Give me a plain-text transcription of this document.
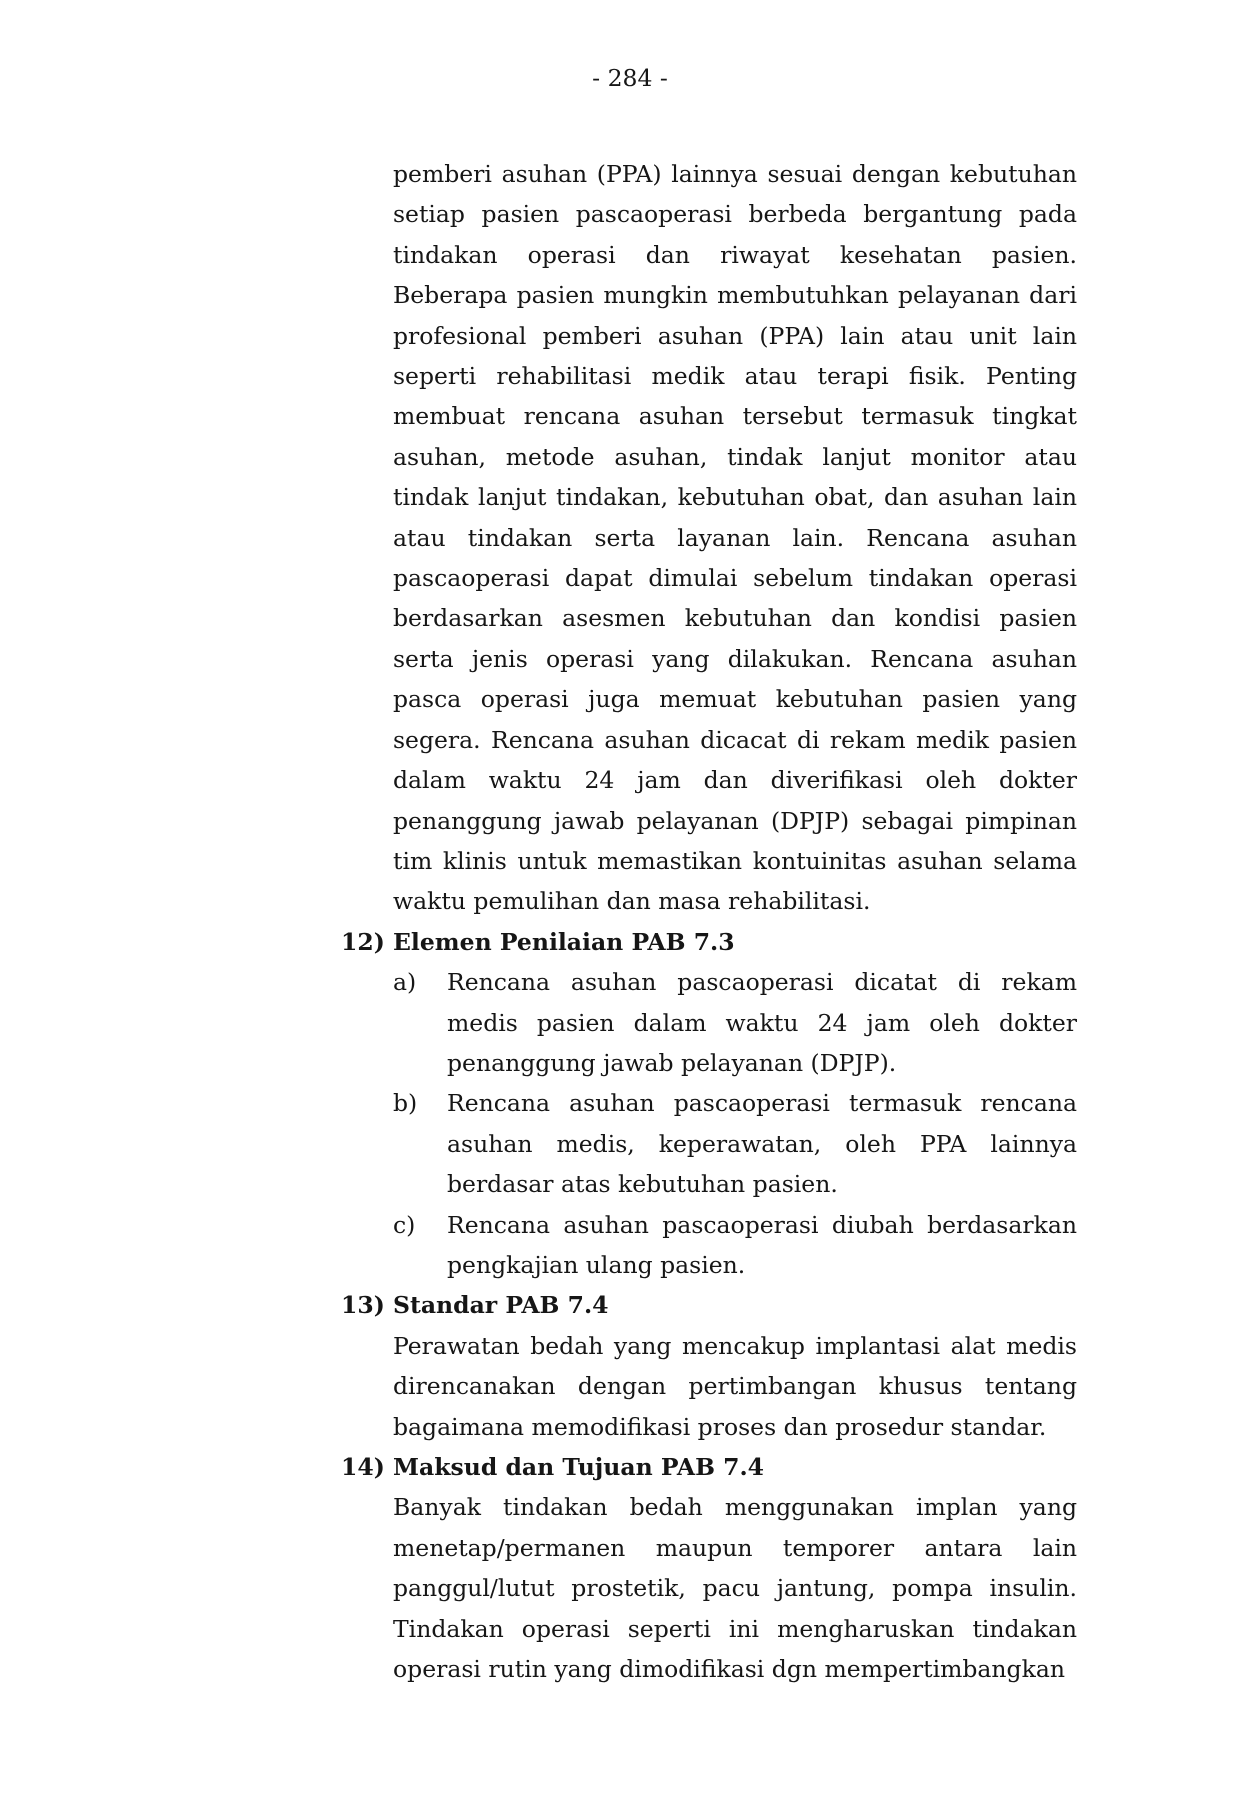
- 284 -

pemberi asuhan (PPA) lainnya sesuai dengan kebutuhan setiap pasien pascaoperasi berbeda bergantung pada tindakan operasi dan riwayat kesehatan pasien. Beberapa pasien mungkin membutuhkan pelayanan dari profesional pemberi asuhan (PPA) lain atau unit lain seperti rehabilitasi medik atau terapi fisik. Penting membuat rencana asuhan tersebut termasuk tingkat asuhan, metode asuhan, tindak lanjut monitor atau tindak lanjut tindakan, kebutuhan obat, dan asuhan lain atau tindakan serta layanan lain. Rencana asuhan pascaoperasi dapat dimulai sebelum tindakan operasi berdasarkan asesmen kebutuhan dan kondisi pasien serta jenis operasi yang dilakukan. Rencana asuhan pasca operasi juga memuat kebutuhan pasien yang segera. Rencana asuhan dicacat di rekam medik pasien dalam waktu 24 jam dan diverifikasi oleh dokter penanggung jawab pelayanan (DPJP) sebagai pimpinan tim klinis untuk memastikan kontuinitas asuhan selama waktu pemulihan dan masa rehabilitasi.

12) Elemen Penilaian PAB 7.3
a) Rencana asuhan pascaoperasi dicatat di rekam medis pasien dalam waktu 24 jam oleh dokter penanggung jawab pelayanan (DPJP).
b) Rencana asuhan pascaoperasi termasuk rencana asuhan medis, keperawatan, oleh PPA lainnya berdasar atas kebutuhan pasien.
c) Rencana asuhan pascaoperasi diubah berdasarkan pengkajian ulang pasien.
13) Standar PAB 7.4

Perawatan bedah yang mencakup implantasi alat medis direncanakan dengan pertimbangan khusus tentang bagaimana memodifikasi proses dan prosedur standar.

14) Maksud dan Tujuan PAB 7.4

Banyak tindakan bedah menggunakan implan yang menetap/permanen maupun temporer antara lain panggul/lutut prostetik, pacu jantung, pompa insulin. Tindakan operasi seperti ini mengharuskan tindakan operasi rutin yang dimodifikasi dgn mempertimbangkan
